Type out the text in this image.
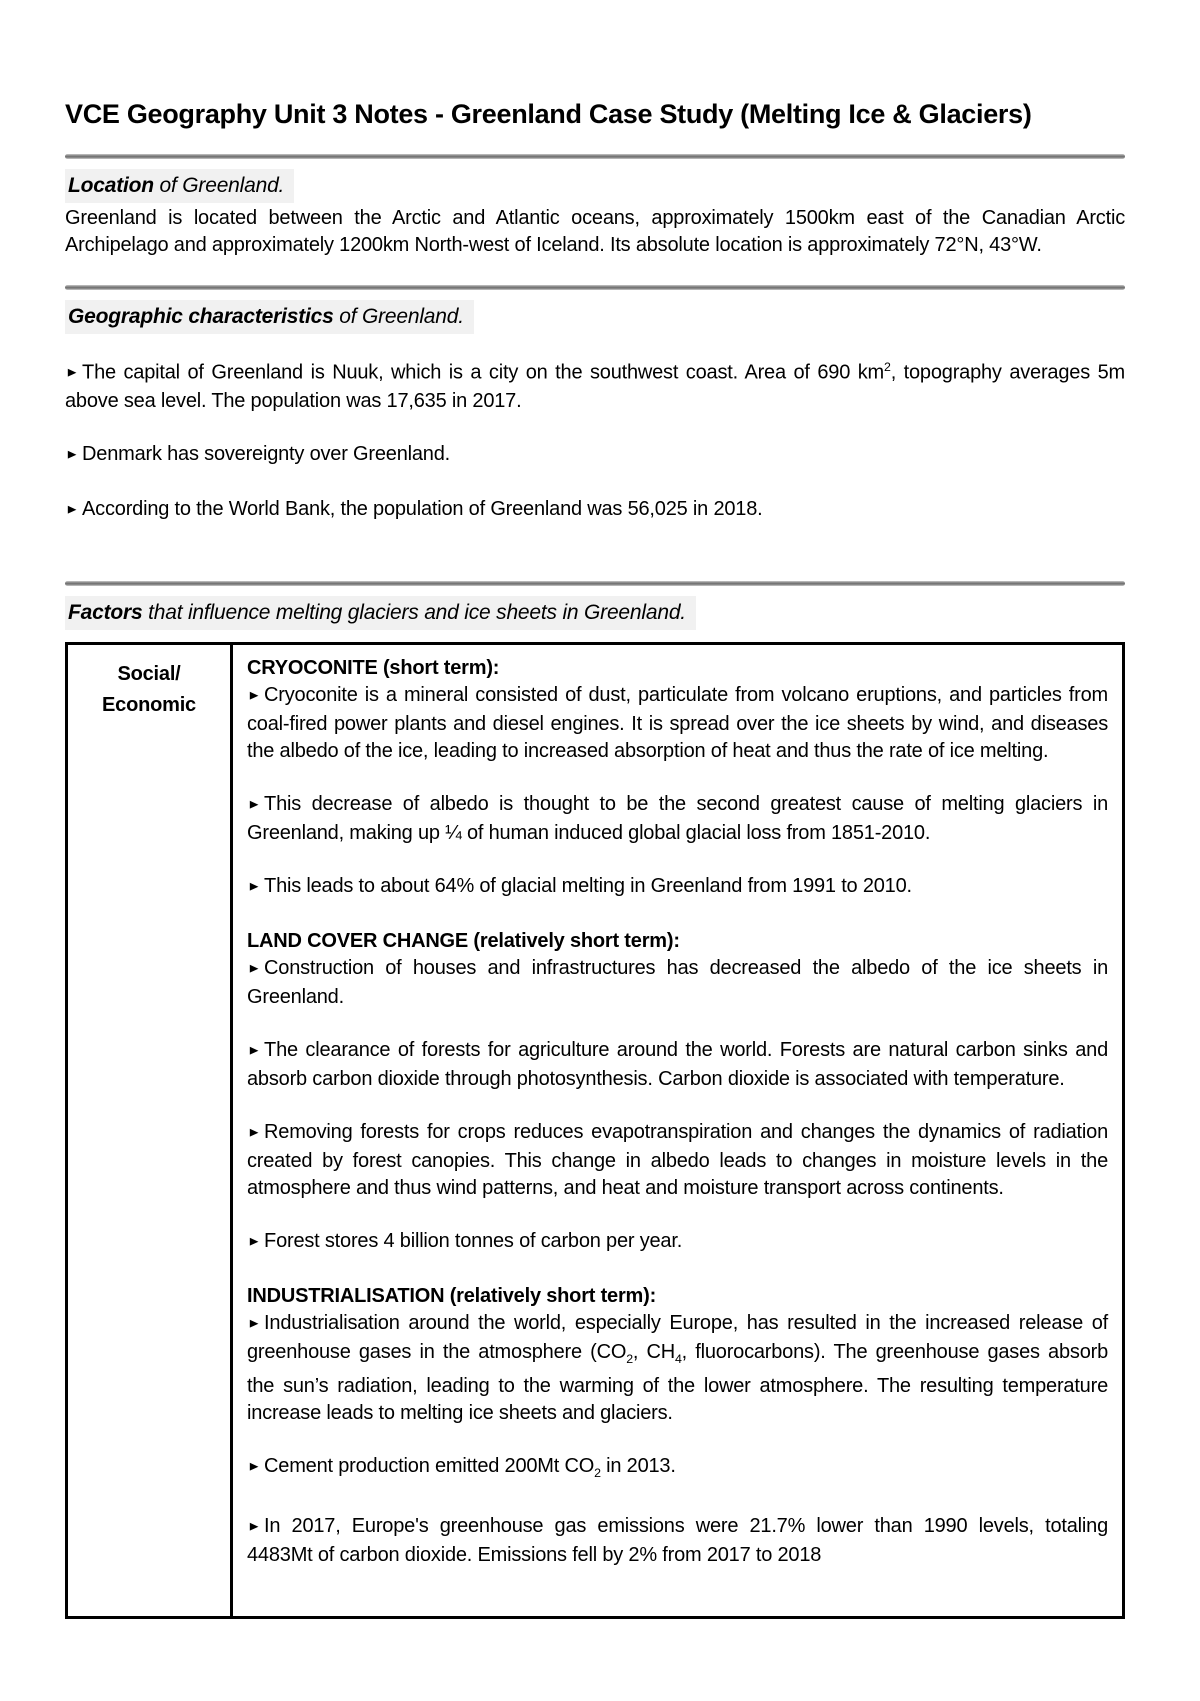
VCE Geography Unit 3 Notes - Greenland Case Study (Melting Ice & Glaciers)
Location of Greenland.

Greenland is located between the Arctic and Atlantic oceans, approximately 1500km east of the Canadian Arctic Archipelago and approximately 1200km North-west of Iceland. Its absolute location is approximately 72°N, 43°W.

Geographic characteristics of Greenland.

► The capital of Greenland is Nuuk, which is a city on the southwest coast. Area of 690 $km^2$, topography averages 5m above sea level. The population was 17,635 in 2017.

► Denmark has sovereignty over Greenland.

► According to the World Bank, the population of Greenland was 56,025 in 2018.

Factors that influence melting glaciers and ice sheets in Greenland.
Social/
Economic

CRYOCONITE (short term):

► Cryoconite is a mineral consisted of dust, particulate from volcano eruptions, and particles from coal-fired power plants and diesel engines. It is spread over the ice sheets by wind, and diseases the albedo of the ice, leading to increased absorption of heat and thus the rate of ice melting.

► This decrease of albedo is thought to be the second greatest cause of melting glaciers in Greenland, making up ¼ of human induced global glacial loss from 1851-2010.

► This leads to about 64% of glacial melting in Greenland from 1991 to 2010.

LAND COVER CHANGE (relatively short term):

► Construction of houses and infrastructures has decreased the albedo of the ice sheets in Greenland.

► The clearance of forests for agriculture around the world. Forests are natural carbon sinks and absorb carbon dioxide through photosynthesis. Carbon dioxide is associated with temperature.

► Removing forests for crops reduces evapotranspiration and changes the dynamics of radiation created by forest canopies. This change in albedo leads to changes in moisture levels in the atmosphere and thus wind patterns, and heat and moisture transport across continents.

► Forest stores 4 billion tonnes of carbon per year.

INDUSTRIALISATION (relatively short term):

► Industrialisation around the world, especially Europe, has resulted in the increased release of greenhouse gases in the atmosphere ($CO_2$, $CH_4$, fluorocarbons). The greenhouse gases absorb the sun’s radiation, leading to the warming of the lower atmosphere. The resulting temperature increase leads to melting ice sheets and glaciers.

► Cement production emitted 200Mt $CO_2$ in 2013.

► In 2017, Europe's greenhouse gas emissions were 21.7% lower than 1990 levels, totaling 4483Mt of carbon dioxide. Emissions fell by 2% from 2017 to 2018
